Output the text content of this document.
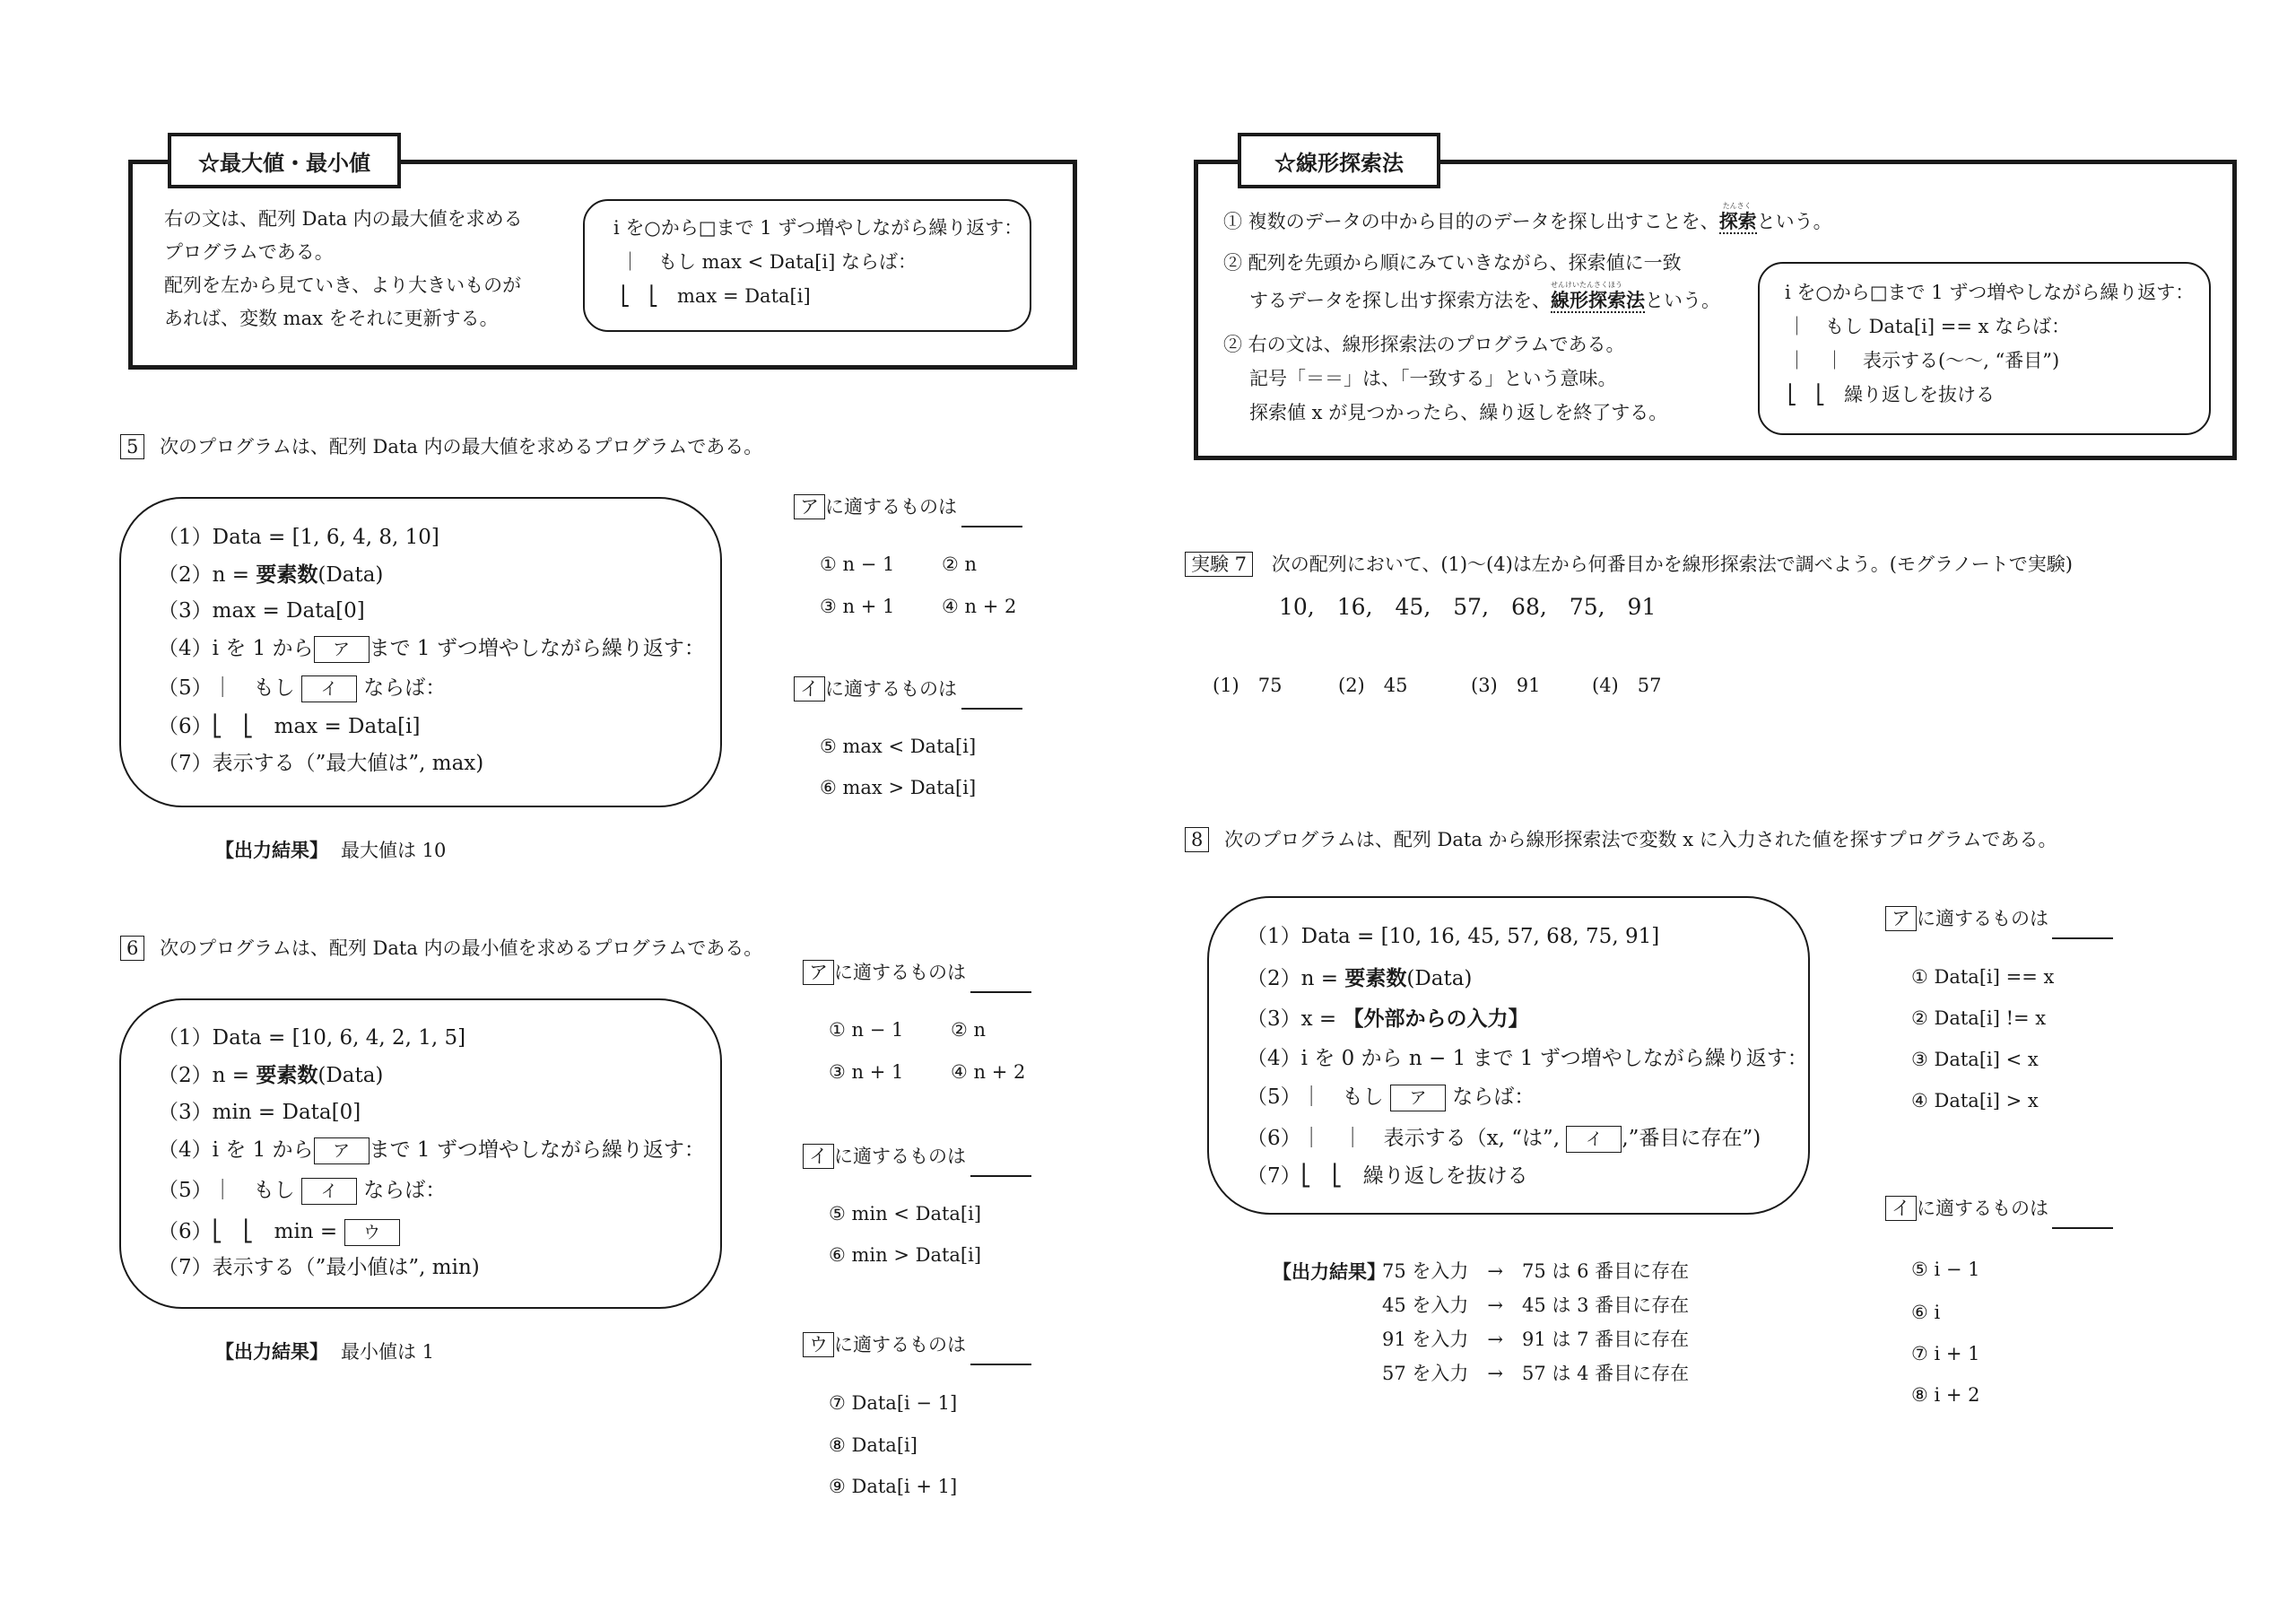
☆最大値・最小値
右の文は、配列 Data 内の最大値を求める
プログラムである。
配列を左から見ていき、より大きいものが
あれば、変数 max をそれに更新する。
i を○から□まで 1 ずつ増やしながら繰り返す：
｜　もし max < Data[i] ならば：
⎣　⎣　max = Data[i]
☆線形探索法
① 複数のデータの中から目的のデータを探し出すことを、
たんさく
探索という。
② 配列を先頭から順にみていきながら、探索値に一致
するデータを探し出す探索方法を、
せんけいたんさくほう
線形探索法という。
② 右の文は、線形探索法のプログラムである。
記号「＝＝」は、「一致する」という意味。
探索値 x が見つかったら、繰り返しを終了する。
i を○から□まで 1 ずつ増やしながら繰り返す：
｜　もし Data[i] == x ならば：
｜　｜　表示する(〜〜, “番目”)
⎣　⎣　繰り返しを抜ける
5 次のプログラムは、配列 Data 内の最大値を求めるプログラムである。
（1）Data = [1, 6, 4, 8, 10]
（2）n = 要素数(Data)
（3）max = Data[0]
（4）i を 1 から ア まで 1 ずつ増やしながら繰り返す：
（5）｜　もし イ ならば：
（6）⎣　⎣　max = Data[i]
（7）表示する（”最大値は”, max)
【出力結果】 最大値は 10
ア に適するものは
① n − 1	② n
③ n + 1	④ n + 2
イ に適するものは
⑤ max < Data[i]
⑥ max > Data[i]
6 次のプログラムは、配列 Data 内の最小値を求めるプログラムである。
（1）Data = [10, 6, 4, 2, 1, 5]
（2）n = 要素数(Data)
（3）min = Data[0]
（4）i を 1 から ア まで 1 ずつ増やしながら繰り返す：
（5）｜　もし イ ならば：
（6）⎣　⎣　min = ウ
（7）表示する（”最小値は”, min)
【出力結果】 最小値は 1
ア に適するものは
① n − 1	② n
③ n + 1	④ n + 2
イ に適するものは
⑤ min < Data[i]
⑥ min > Data[i]
ウ に適するものは
⑦ Data[i − 1]
⑧ Data[i]
⑨ Data[i + 1]
実験 7 次の配列において、(1)〜(4)は左から何番目かを線形探索法で調べよう。(モグラノートで実験)
10,　16,　45,　57,　68,　75,　91
(1)　75	(2)　45	(3)　91	(4)　57
8 次のプログラムは、配列 Data から線形探索法で変数 x に入力された値を探すプログラムである。
（1）Data = [10, 16, 45, 57, 68, 75, 91]
（2）n = 要素数(Data)
（3）x = 【外部からの入力】
（4）i を 0 から n − 1 まで 1 ずつ増やしながら繰り返す：
（5）｜　もし ア ならば：
（6）｜　｜　表示する（x, “は”, イ ,”番目に存在”)
（7）⎣　⎣　繰り返しを抜ける
【出力結果】
75 を入力　→　75 は 6 番目に存在
45 を入力　→　45 は 3 番目に存在
91 を入力　→　91 は 7 番目に存在
57 を入力　→　57 は 4 番目に存在
ア に適するものは
① Data[i] == x
② Data[i] != x
③ Data[i] < x
④ Data[i] > x
イ に適するものは
⑤ i − 1
⑥ i
⑦ i + 1
⑧ i + 2
